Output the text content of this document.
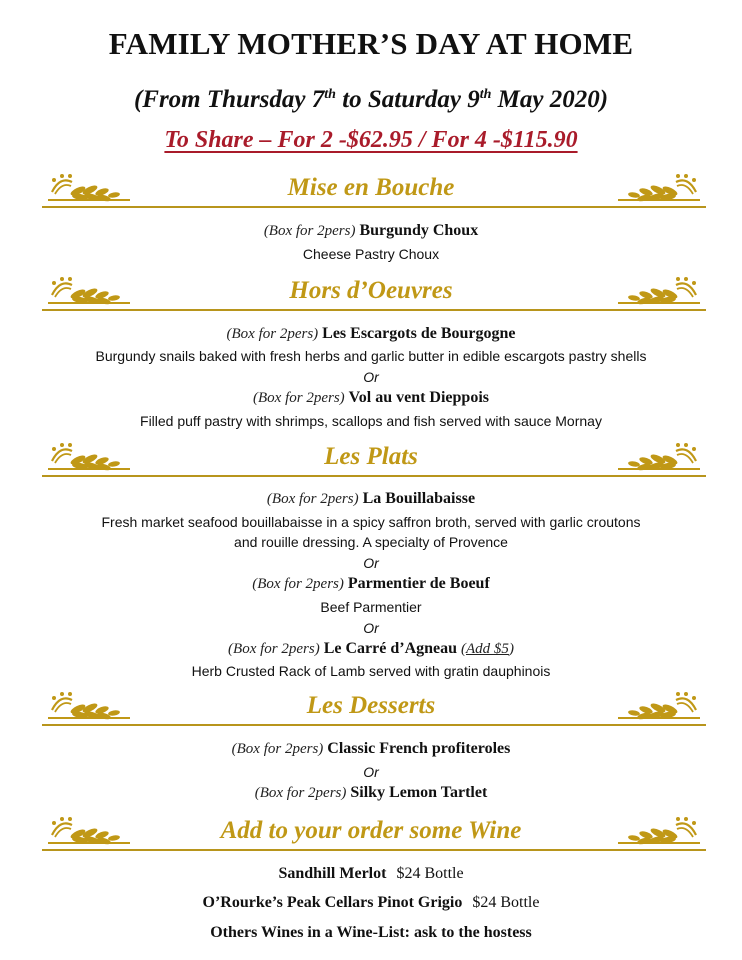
FAMILY MOTHER’S DAY AT HOME
(From Thursday 7th to Saturday 9th May 2020)
To Share – For 2 -$62.95 / For 4 -$115.90
Mise en Bouche
(Box for 2pers) Burgundy Choux
Cheese Pastry Choux
Hors d’Oeuvres
(Box for 2pers) Les Escargots de Bourgogne
Burgundy snails baked with fresh herbs and garlic butter in edible escargots pastry shells
Or
(Box for 2pers) Vol au vent Dieppois
Filled puff pastry with shrimps, scallops and fish served with sauce Mornay
Les Plats
(Box for 2pers) La Bouillabaisse
Fresh market seafood bouillabaisse in a spicy saffron broth, served with garlic croutons
and rouille dressing. A specialty of Provence
Or
(Box for 2pers) Parmentier de Boeuf
Beef Parmentier
Or
(Box for 2pers) Le Carré d’Agneau (Add $5)
Herb Crusted Rack of Lamb served with gratin dauphinois
Les Desserts
(Box for 2pers) Classic French profiteroles
Or
(Box for 2pers) Silky Lemon Tartlet
Add to your order some Wine
Sandhill Merlot $24 Bottle
O’Rourke’s Peak Cellars Pinot Grigio $24 Bottle
Others Wines in a Wine-List: ask to the hostess
